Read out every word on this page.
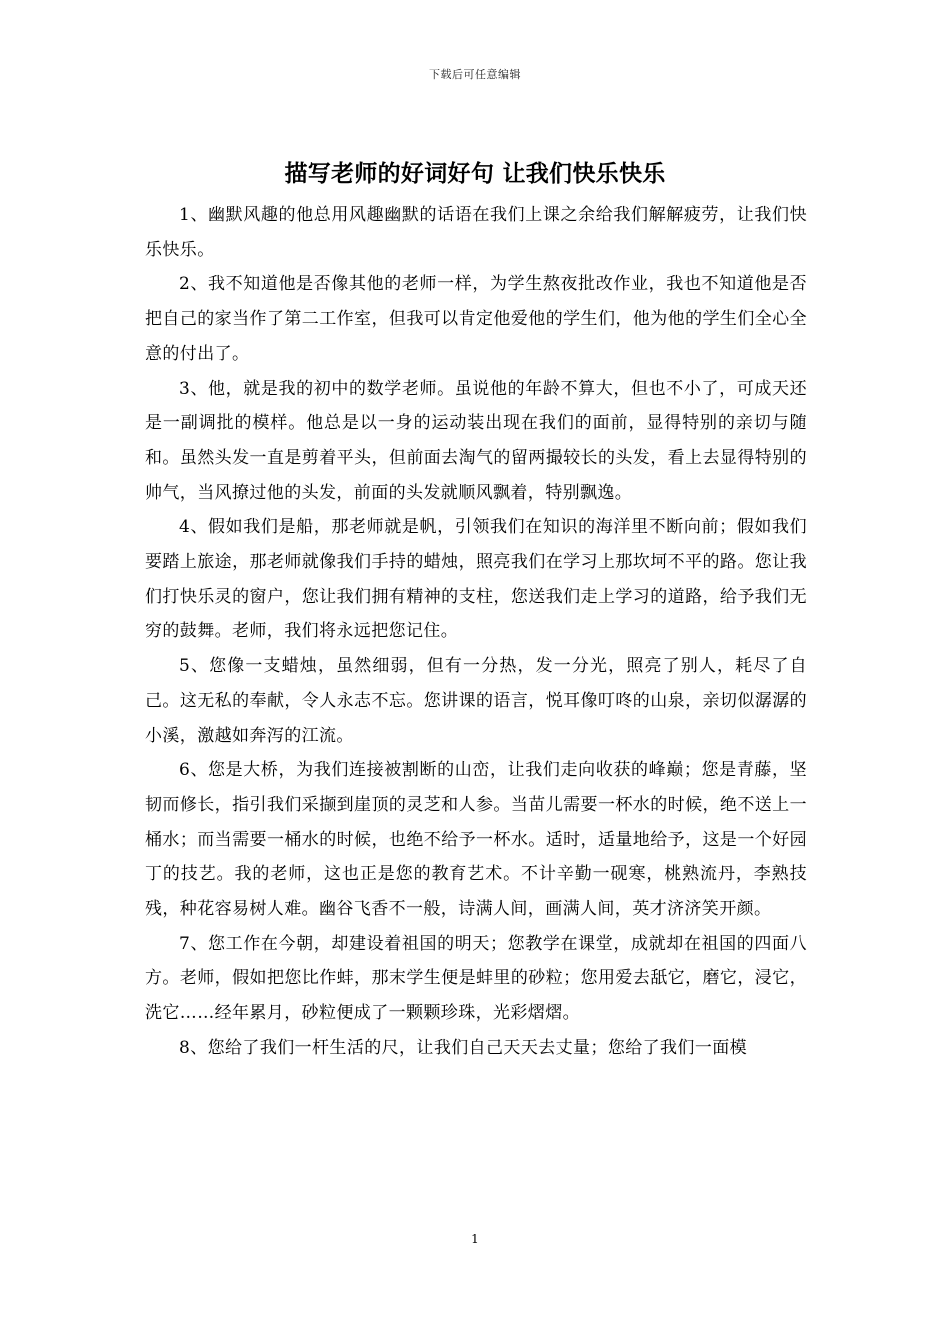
下载后可任意编辑
描写老师的好词好句 让我们快乐快乐

1、幽默风趣的他总用风趣幽默的话语在我们上课之余给我们解解疲劳，让我们快乐快乐。

2、我不知道他是否像其他的老师一样，为学生熬夜批改作业，我也不知道他是否把自己的家当作了第二工作室，但我可以肯定他爱他的学生们，他为他的学生们全心全意的付出了。

3、他，就是我的初中的数学老师。虽说他的年龄不算大，但也不小了，可成天还是一副调批的模样。他总是以一身的运动装出现在我们的面前，显得特别的亲切与随和。虽然头发一直是剪着平头，但前面去淘气的留两撮较长的头发，看上去显得特别的帅气，当风撩过他的头发，前面的头发就顺风飘着，特别飘逸。

4、假如我们是船，那老师就是帆，引领我们在知识的海洋里不断向前；假如我们要踏上旅途，那老师就像我们手持的蜡烛，照亮我们在学习上那坎坷不平的路。您让我们打快乐灵的窗户，您让我们拥有精神的支柱，您送我们走上学习的道路，给予我们无穷的鼓舞。老师，我们将永远把您记住。

5、您像一支蜡烛，虽然细弱，但有一分热，发一分光，照亮了别人，耗尽了自己。这无私的奉献，令人永志不忘。您讲课的语言，悦耳像叮咚的山泉，亲切似潺潺的小溪，激越如奔泻的江流。

6、您是大桥，为我们连接被割断的山峦，让我们走向收获的峰巅；您是青藤，坚韧而修长，指引我们采撷到崖顶的灵芝和人参。当苗儿需要一杯水的时候，绝不送上一桶水；而当需要一桶水的时候，也绝不给予一杯水。适时，适量地给予，这是一个好园丁的技艺。我的老师，这也正是您的教育艺术。不计辛勤一砚寒，桃熟流丹，李熟技残，种花容易树人难。幽谷飞香不一般，诗满人间，画满人间，英才济济笑开颜。

7、您工作在今朝，却建设着祖国的明天；您教学在课堂，成就却在祖国的四面八方。老师，假如把您比作蚌，那末学生便是蚌里的砂粒；您用爱去舐它，磨它，浸它，洗它……经年累月，砂粒便成了一颗颗珍珠，光彩熠熠。

8、您给了我们一杆生活的尺，让我们自己天天去丈量；您给了我们一面模

1
